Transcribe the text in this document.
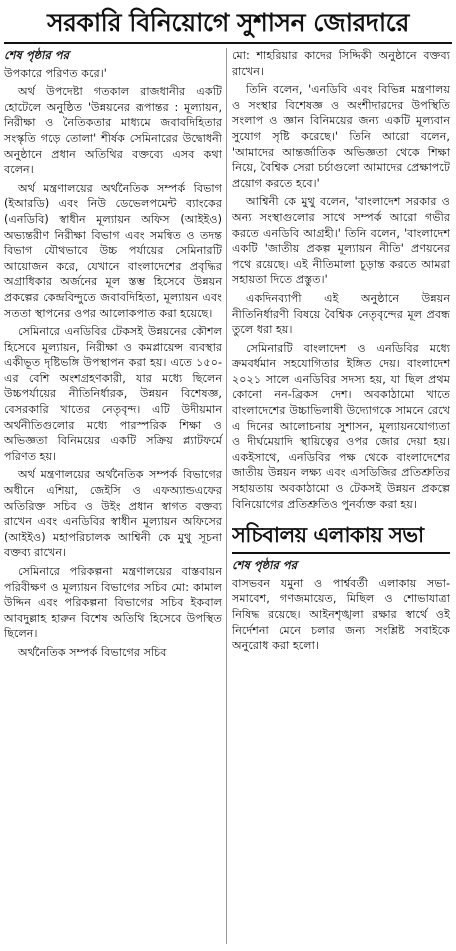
সরকারি বিনিয়োগে সুশাসন জোরদারে
শেষ পৃষ্ঠার পর

উপকারে পরিণত করে।'

অর্থ উপদেষ্টা গতকাল রাজধানীর একটি হোটেলে অনুষ্ঠিত 'উন্নয়নের রূপান্তর : মূল্যায়ন, নিরীক্ষা ও নৈতিকতার মাধ্যমে জবাবদিহিতার সংস্কৃতি গড়ে তোলা' শীর্ষক সেমিনারের উদ্বোধনী অনুষ্ঠানে প্রধান অতিথির বক্তব্যে এসব কথা বলেন।

অর্থ মন্ত্রণালয়ের অর্থনৈতিক সম্পর্ক বিভাগ (ইআরডি) এবং নিউ ডেভেলপমেন্ট ব্যাংকের (এনডিবি) স্বাধীন মূল্যায়ন অফিস (আইইও) অভ্যন্তরীণ নিরীক্ষা বিভাগ এবং সমন্বিত ও তদন্ত বিভাগ যৌথভাবে উচ্চ পর্যায়ের সেমিনারটি আয়োজন করে, যেখানে বাংলাদেশের প্রবৃদ্ধির অগ্রাধিকার অর্জনের মূল স্তম্ভ হিসেবে উন্নয়ন প্রকল্পের কেন্দ্রবিন্দুতে জবাবদিহিতা, মূল্যায়ন এবং সততা স্থাপনের ওপর আলোকপাত করা হয়েছে।

সেমিনারে এনডিবির টেকসই উন্নয়নের কৌশল হিসেবে মূল্যায়ন, নিরীক্ষা ও কমপ্লায়েন্স ব্যবস্থার একীভূত দৃষ্টিভঙ্গি উপস্থাপন করা হয়। এতে ১৫০-এর বেশি অংশগ্রহণকারী, যার মধ্যে ছিলেন উচ্চপর্যায়ের নীতিনির্ধারক, উন্নয়ন বিশেষজ্ঞ, বেসরকারি খাতের নেতৃবৃন্দ। এটি উদীয়মান অর্থনীতিগুলোর মধ্যে পারস্পরিক শিক্ষা ও অভিজ্ঞতা বিনিময়ের একটি সক্রিয় প্ল্যাটফর্মে পরিণত হয়।

অর্থ মন্ত্রণালয়ের অর্থনৈতিক সম্পর্ক বিভাগের অধীনে এশিয়া, জেইসি ও এফঅ্যান্ডএফের অতিরিক্ত সচিব ও উইং প্রধান স্বাগত বক্তব্য রাখেন এবং এনডিবির স্বাধীন মূল্যায়ন অফিসের (আইইও) মহাপরিচালক আশ্বিনী কে মুথু সূচনা বক্তব্য রাখেন।

সেমিনারে পরিকল্পনা মন্ত্রণালয়ের বাস্তবায়ন পরিবীক্ষণ ও মূল্যায়ন বিভাগের সচিব মো: কামাল উদ্দিন এবং পরিকল্পনা বিভাগের সচিব ইকবাল আবদুল্লাহ হারুন বিশেষ অতিথি হিসেবে উপস্থিত ছিলেন।

অর্থনৈতিক সম্পর্ক বিভাগের সচিব

মো: শাহরিয়ার কাদের সিদ্দিকী অনুষ্ঠানে বক্তব্য রাখেন।

তিনি বলেন, 'এনডিবি এবং বিভিন্ন মন্ত্রণালয় ও সংস্থার বিশেষজ্ঞ ও অংশীদারদের উপস্থিতি সংলাপ ও জ্ঞান বিনিময়ের জন্য একটি মূল্যবান সুযোগ সৃষ্টি করেছে।' তিনি আরো বলেন, 'আমাদের আন্তর্জাতিক অভিজ্ঞতা থেকে শিক্ষা নিয়ে, বৈশ্বিক সেরা চর্চাগুলো আমাদের প্রেক্ষাপটে প্রয়োগ করতে হবে।'

আশ্বিনী কে মুথু বলেন, 'বাংলাদেশ সরকার ও অন্য সংস্থাগুলোর সাথে সম্পর্ক আরো গভীর করতে এনডিবি আগ্রহী।' তিনি বলেন, 'বাংলাদেশ একটি 'জাতীয় প্রকল্প মূল্যায়ন নীতি' প্রণয়নের পথে রয়েছে। এই নীতিমালা চূড়ান্ত করতে আমরা সহায়তা দিতে প্রস্তুত।'

একদিনব্যাপী এই অনুষ্ঠানে উন্নয়ন নীতিনির্ধারণী বিষয়ে বৈশ্বিক নেতৃবৃন্দের মূল প্রবন্ধ তুলে ধরা হয়।

সেমিনারটি বাংলাদেশ ও এনডিবির মধ্যে ক্রমবর্ধমান সহযোগিতার ইঙ্গিত দেয়। বাংলাদেশ ২০২১ সালে এনডিবির সদস্য হয়, যা ছিল প্রথম কোনো নন-ব্রিকস দেশ। অবকাঠামো খাতে বাংলাদেশের উচ্চাভিলাষী উদ্যোগকে সামনে রেখে এ দিনের আলোচনায় সুশাসন, মূল্যায়নযোগ্যতা ও দীর্ঘমেয়াদি স্থায়িত্বের ওপর জোর দেয়া হয়। একইসাথে, এনডিবির পক্ষ থেকে বাংলাদেশের জাতীয় উন্নয়ন লক্ষ্য এবং এসডিজির প্রতিশ্রুতির সহায়তায় অবকাঠামো ও টেকসই উন্নয়ন প্রকল্পে বিনিয়োগের প্রতিশ্রুতিও পুনর্ব্যক্ত করা হয়।

সচিবালয় এলাকায় সভা
শেষ পৃষ্ঠার পর

বাসভবন যমুনা ও পার্শ্ববর্তী এলাকায় সভা-সমাবেশ, গণজমায়েত, মিছিল ও শোভাযাত্রা নিষিদ্ধ রয়েছে। আইনশৃঙ্খলা রক্ষার স্বার্থে ওই নির্দেশনা মেনে চলার জন্য সংশ্লিষ্ট সবাইকে অনুরোধ করা হলো।
